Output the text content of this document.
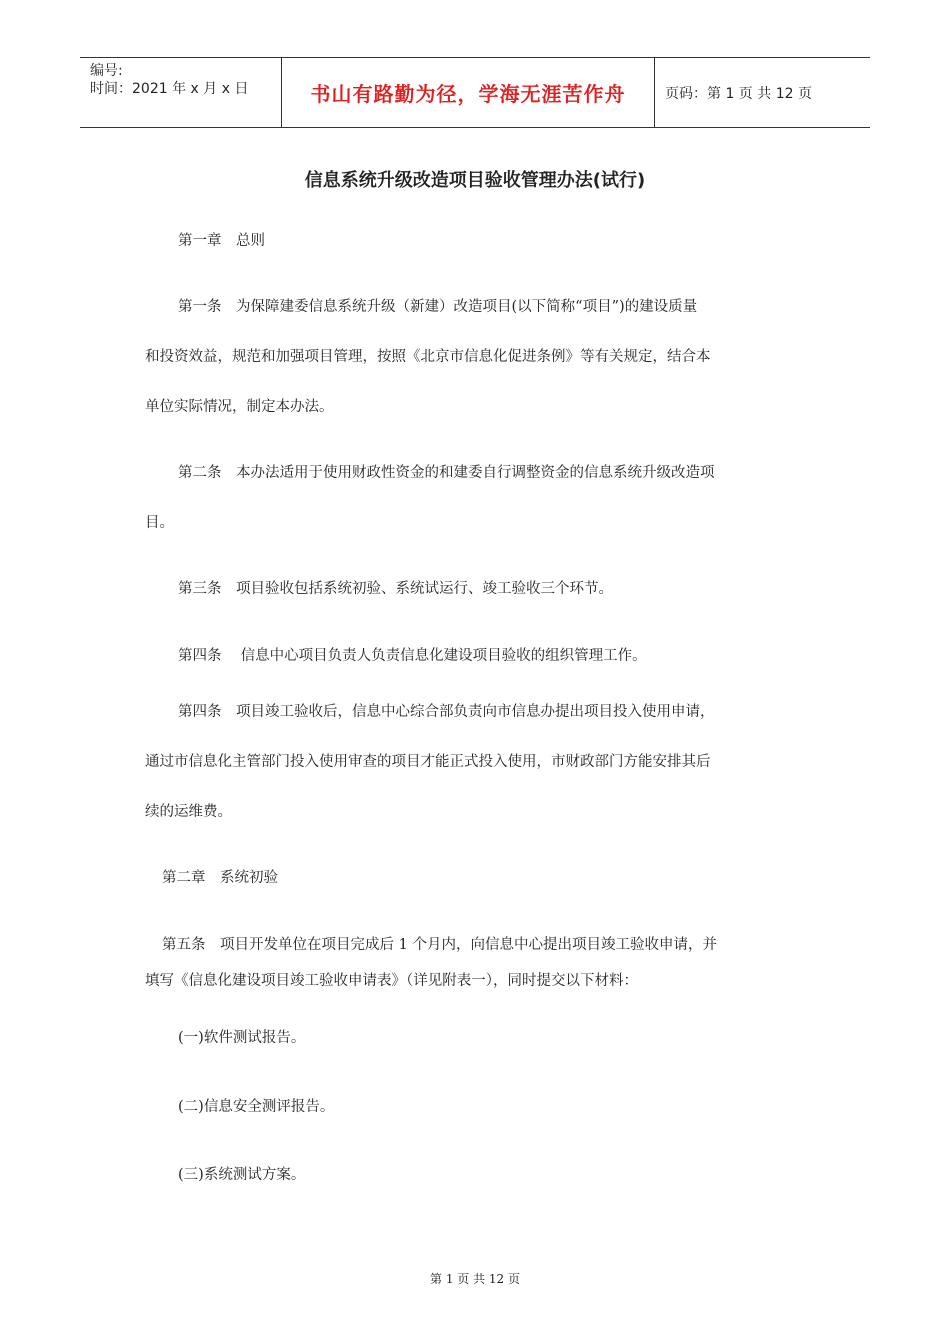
编号:
时间：2021 年 x 月 x 日	书山有路勤为径，学海无涯苦作舟	页码：第 1 页 共 12 页
信息系统升级改造项目验收管理办法(试行)
第一章　总则
第一条　为保障建委信息系统升级（新建）改造项目(以下简称“项目”)的建设质量
和投资效益，规范和加强项目管理，按照《北京市信息化促进条例》等有关规定，结合本
单位实际情况，制定本办法。
第二条　本办法适用于使用财政性资金的和建委自行调整资金的信息系统升级改造项
目。
第三条　项目验收包括系统初验、系统试运行、竣工验收三个环节。
第四条　 信息中心项目负责人负责信息化建设项目验收的组织管理工作。
第四条　项目竣工验收后，信息中心综合部负责向市信息办提出项目投入使用申请，
通过市信息化主管部门投入使用审查的项目才能正式投入使用，市财政部门方能安排其后
续的运维费。
第二章　系统初验
第五条　项目开发单位在项目完成后 1 个月内，向信息中心提出项目竣工验收申请，并
填写《信息化建设项目竣工验收申请表》（详见附表一），同时提交以下材料：
(一)软件测试报告。
(二)信息安全测评报告。
(三)系统测试方案。
第 1 页 共 12 页
